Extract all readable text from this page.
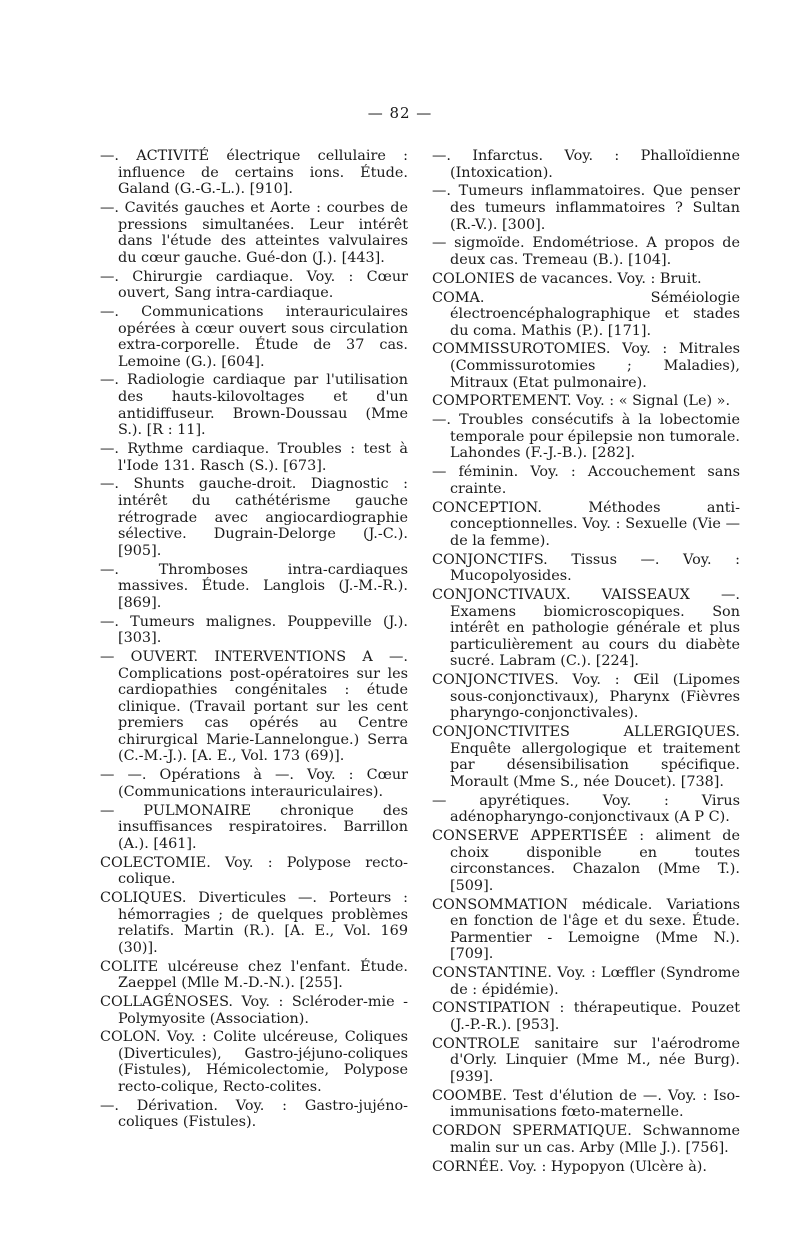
— 82 —

—. ACTIVITÉ électrique cellulaire : influence de certains ions. Étude. Galand (G.-G.-L.). [910].

—. Cavités gauches et Aorte : courbes de pressions simultanées. Leur intérêt dans l'étude des atteintes valvulaires du cœur gauche. Gué-don (J.). [443].

—. Chirurgie cardiaque. Voy. : Cœur ouvert, Sang intra-cardiaque.

—. Communications interauriculaires opérées à cœur ouvert sous circulation extra-corporelle. Étude de 37 cas. Lemoine (G.). [604].

—. Radiologie cardiaque par l'utilisation des hauts-kilovoltages et d'un antidiffuseur. Brown-Doussau (Mme S.). [R : 11].

—. Rythme cardiaque. Troubles : test à l'Iode 131. Rasch (S.). [673].

—. Shunts gauche-droit. Diagnostic : intérêt du cathétérisme gauche rétrograde avec angiocardiographie sélective. Dugrain-Delorge (J.-C.). [905].

—. Thromboses intra-cardiaques massives. Étude. Langlois (J.-M.-R.). [869].

—. Tumeurs malignes. Pouppeville (J.). [303].

— OUVERT. INTERVENTIONS A —. Complications post-opératoires sur les cardiopathies congénitales : étude clinique. (Travail portant sur les cent premiers cas opérés au Centre chirurgical Marie-Lannelongue.) Serra (C.-M.-J.). [A. E., Vol. 173 (69)].

— —. Opérations à —. Voy. : Cœur (Communications interauriculaires).

— PULMONAIRE chronique des insuffisances respiratoires. Barrillon (A.). [461].

COLECTOMIE. Voy. : Polypose recto-colique.

COLIQUES. Diverticules —. Porteurs : hémorragies ; de quelques problèmes relatifs. Martin (R.). [A. E., Vol. 169 (30)].

COLITE ulcéreuse chez l'enfant. Étude. Zaeppel (Mlle M.-D.-N.). [255].

COLLAGÉNOSES. Voy. : Scléroder-mie - Polymyosite (Association).

COLON. Voy. : Colite ulcéreuse, Coliques (Diverticules), Gastro-jéjuno-coliques (Fistules), Hémicolectomie, Polypose recto-colique, Recto-colites.

—. Dérivation. Voy. : Gastro-jujéno-coliques (Fistules).

—. Infarctus. Voy. : Phalloïdienne (Intoxication).

—. Tumeurs inflammatoires. Que penser des tumeurs inflammatoires ? Sultan (R.-V.). [300].

— sigmoïde. Endométriose. A propos de deux cas. Tremeau (B.). [104].

COLONIES de vacances. Voy. : Bruit.

COMA. Séméiologie électroencéphalographique et stades du coma. Mathis (P.). [171].

COMMISSUROTOMIES. Voy. : Mitrales (Commissurotomies ; Maladies), Mitraux (Etat pulmonaire).

COMPORTEMENT. Voy. : « Signal (Le) ».

—. Troubles consécutifs à la lobectomie temporale pour épilepsie non tumorale. Lahondes (F.-J.-B.). [282].

— féminin. Voy. : Accouchement sans crainte.

CONCEPTION. Méthodes anti-conceptionnelles. Voy. : Sexuelle (Vie — de la femme).

CONJONCTIFS. Tissus —. Voy. : Mucopolyosides.

CONJONCTIVAUX. VAISSEAUX —. Examens biomicroscopiques. Son intérêt en pathologie générale et plus particulièrement au cours du diabète sucré. Labram (C.). [224].

CONJONCTIVES. Voy. : Œil (Lipomes sous-conjonctivaux), Pharynx (Fièvres pharyngo-conjonctivales).

CONJONCTIVITES ALLERGIQUES. Enquête allergologique et traitement par désensibilisation spécifique. Morault (Mme S., née Doucet). [738].

— apyrétiques. Voy. : Virus adénopharyngo-conjonctivaux (A P C).

CONSERVE APPERTISÉE : aliment de choix disponible en toutes circonstances. Chazalon (Mme T.). [509].

CONSOMMATION médicale. Variations en fonction de l'âge et du sexe. Étude. Parmentier - Lemoigne (Mme N.). [709].

CONSTANTINE. Voy. : Lœffler (Syndrome de : épidémie).

CONSTIPATION : thérapeutique. Pouzet (J.-P.-R.). [953].

CONTROLE sanitaire sur l'aérodrome d'Orly. Linquier (Mme M., née Burg). [939].

COOMBE. Test d'élution de —. Voy. : Iso-immunisations fœto-maternelle.

CORDON SPERMATIQUE. Schwannome malin sur un cas. Arby (Mlle J.). [756].

CORNÉE. Voy. : Hypopyon (Ulcère à).
